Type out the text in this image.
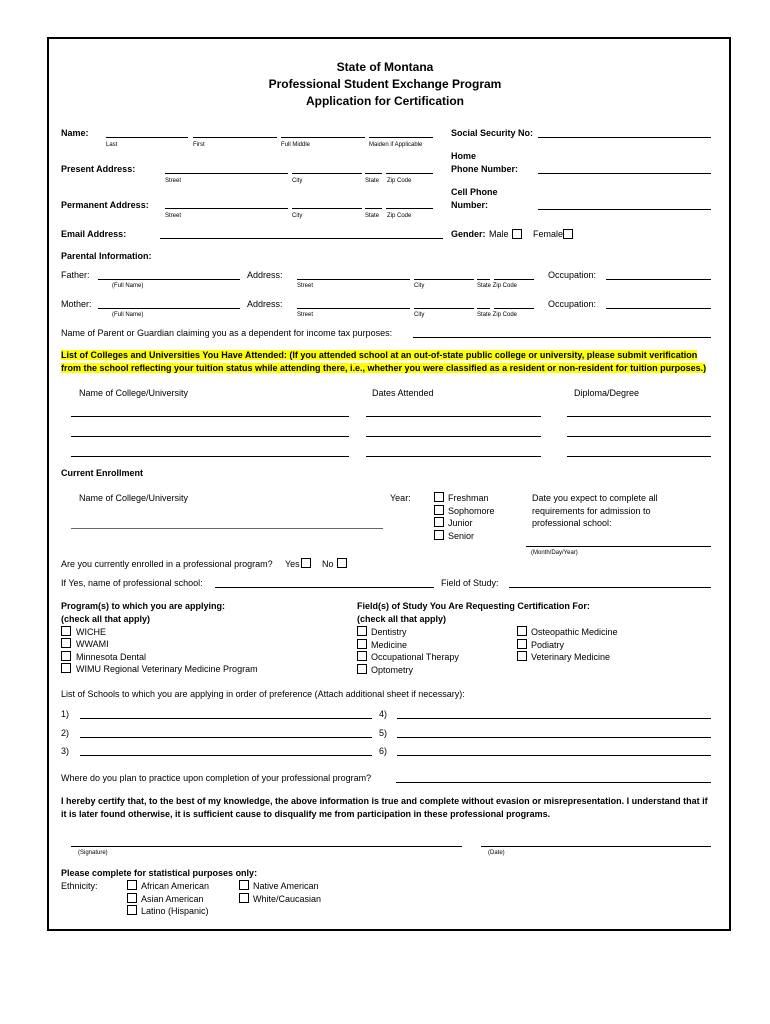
State of Montana
Professional Student Exchange Program
Application for Certification
Name:
Last	First	Full Middle	Maiden if Applicable
Social Security No:
Present Address:
Street	City	State Zip Code
Home
Phone Number:
Permanent Address:
Street	City	State Zip Code
Cell Phone
Number:
Email Address:	Gender: Male	Female
Parental Information:
Father:	Address:	Occupation:
(Full Name)	Street	City	State Zip Code
Mother:	Address:	Occupation:
(Full Name)	Street	City	State Zip Code
Name of Parent or Guardian claiming you as a dependent for income tax purposes:
List of Colleges and Universities You Have Attended: (If you attended school at an out-of-state public college or university, please submit verification
from the school reflecting your tuition status while attending there, i.e., whether you were classified as a resident or non-resident for tuition purposes.)
Name of College/University	Dates Attended	Diploma/Degree
Current Enrollment
Name of College/University	Year:	Freshman
Sophomore
Junior
Senior
Date you expect to complete all
requirements for admission to
professional school:
(Month/Day/Year)
Are you currently enrolled in a professional program? Yes No
If Yes, name of professional school:	Field of Study:
Program(s) to which you are applying:
(check all that apply)
WICHE
WWAMI
Minnesota Dental
WIMU Regional Veterinary Medicine Program
Field(s) of Study You Are Requesting Certification For:
(check all that apply)
Dentistry
Medicine
Occupational Therapy
Optometry
Osteopathic Medicine
Podiatry
Veterinary Medicine
List of Schools to which you are applying in order of preference (Attach additional sheet if necessary):
1)
2)
3)
4)
5)
6)
Where do you plan to practice upon completion of your professional program?
I hereby certify that, to the best of my knowledge, the above information is true and complete without evasion or misrepresentation. I understand that if
it is later found otherwise, it is sufficient cause to disqualify me from participation in these professional programs.
(Signature)	(Date)
Please complete for statistical purposes only:
Ethnicity:	African American
Asian American
Latino (Hispanic)
Native American
White/Caucasian
